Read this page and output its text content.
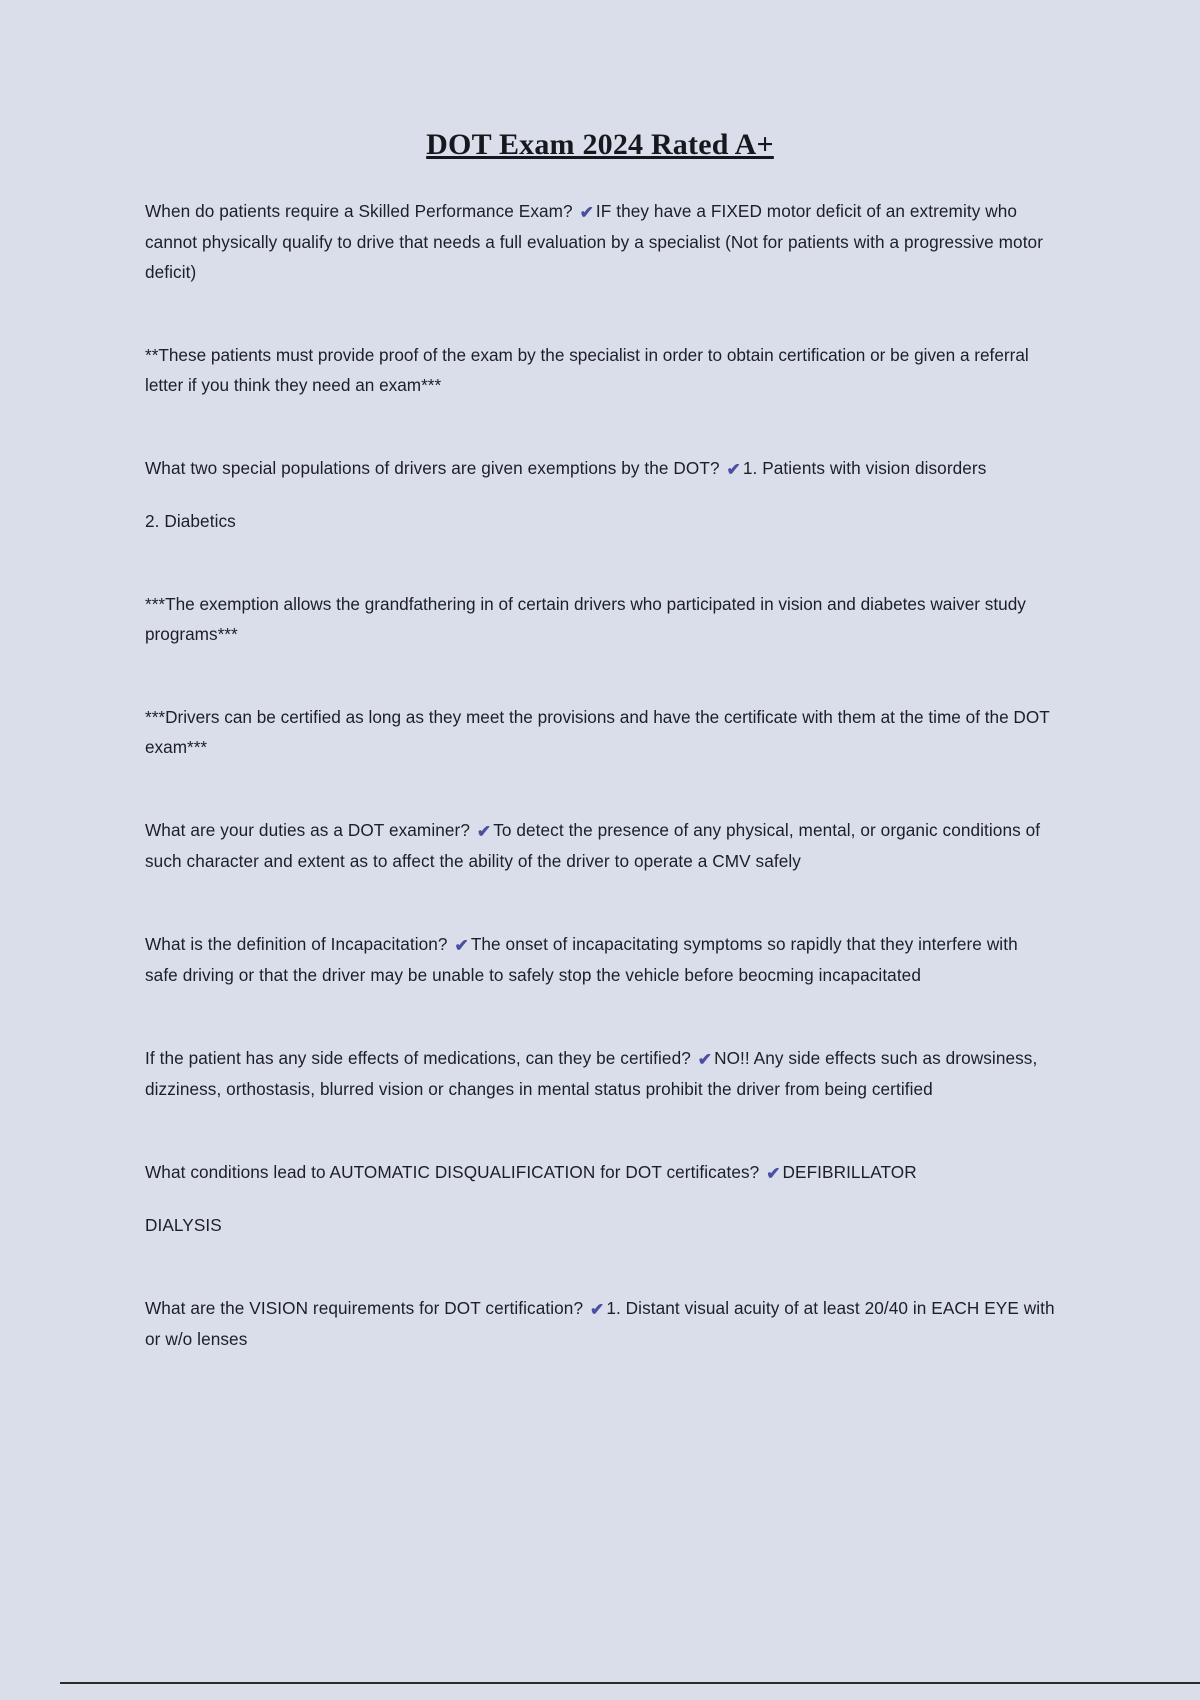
DOT Exam 2024 Rated A+
When do patients require a Skilled Performance Exam? ✔ IF they have a FIXED motor deficit of an extremity who cannot physically qualify to drive that needs a full evaluation by a specialist (Not for patients with a progressive motor deficit)
**These patients must provide proof of the exam by the specialist in order to obtain certification or be given a referral letter if you think they need an exam***
What two special populations of drivers are given exemptions by the DOT? ✔ 1. Patients with vision disorders
2. Diabetics
***The exemption allows the grandfathering in of certain drivers who participated in vision and diabetes waiver study programs***
***Drivers can be certified as long as they meet the provisions and have the certificate with them at the time of the DOT exam***
What are your duties as a DOT examiner? ✔ To detect the presence of any physical, mental, or organic conditions of such character and extent as to affect the ability of the driver to operate a CMV safely
What is the definition of Incapacitation? ✔ The onset of incapacitating symptoms so rapidly that they interfere with safe driving or that the driver may be unable to safely stop the vehicle before beocming incapacitated
If the patient has any side effects of medications, can they be certified? ✔ NO!! Any side effects such as drowsiness, dizziness, orthostasis, blurred vision or changes in mental status prohibit the driver from being certified
What conditions lead to AUTOMATIC DISQUALIFICATION for DOT certificates? ✔ DEFIBRILLATOR
DIALYSIS
What are the VISION requirements for DOT certification? ✔ 1. Distant visual acuity of at least 20/40 in EACH EYE with or w/o lenses
